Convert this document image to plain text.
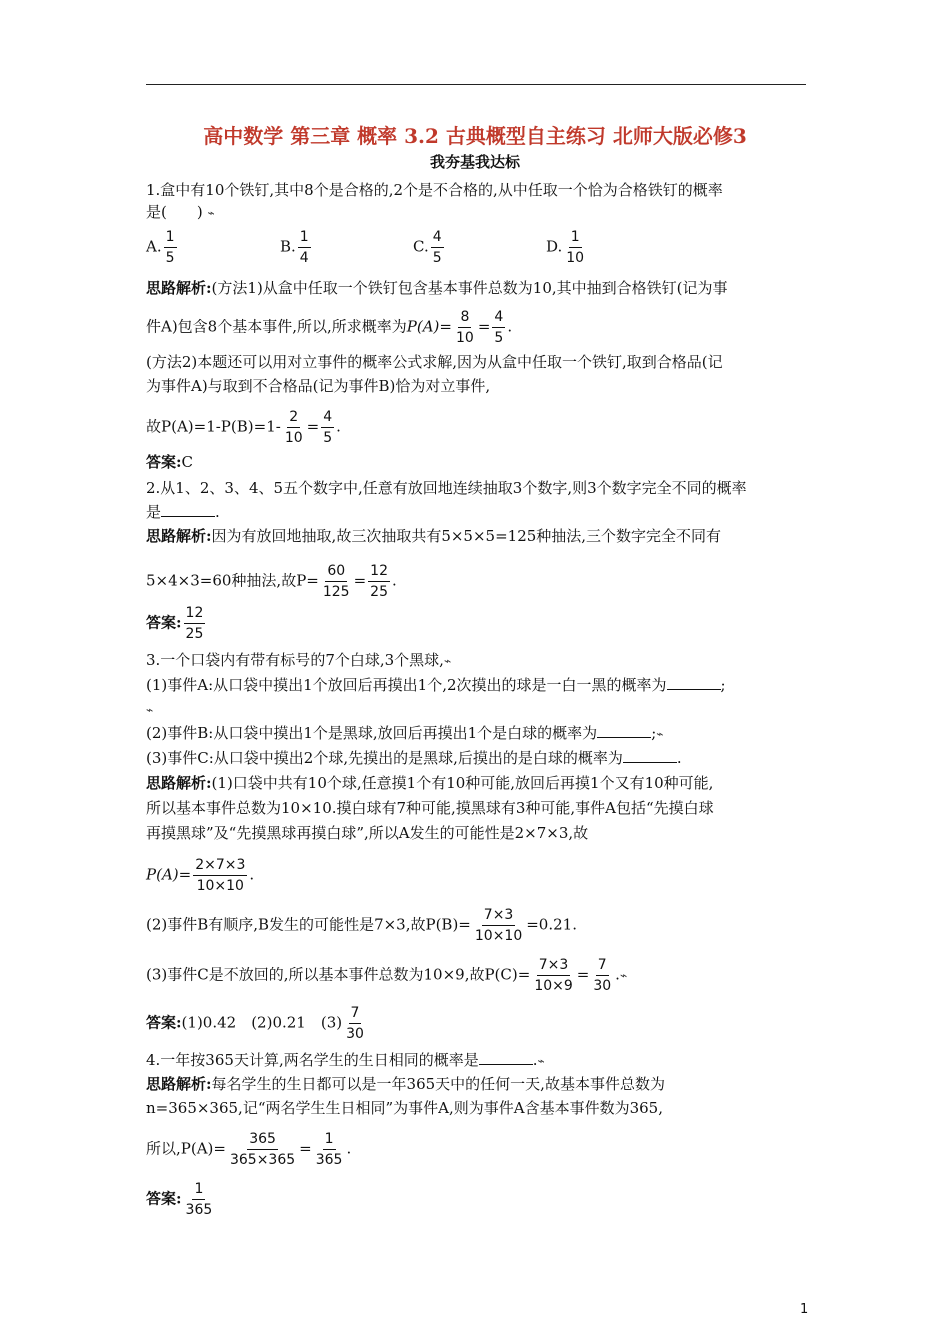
高中数学 第三章 概率 3.2 古典概型自主练习 北师大版必修3
我夯基我达标
1.盒中有10个铁钉,其中8个是合格的,2个是不合格的,从中任取一个恰为合格铁钉的概率
是(　　) ⌁
A. $\frac{1}{5}$	B. $\frac{1}{4}$	C. $\frac{4}{5}$	D. $\frac{1}{10}$
思路解析:(方法1)从盒中任取一个铁钉包含基本事件总数为10,其中抽到合格铁钉(记为事
件A)包含8个基本事件,所以,所求概率为$P(A)= \frac{8}{10} = \frac{4}{5}$ .
(方法2)本题还可以用对立事件的概率公式求解,因为从盒中任取一个铁钉,取到合格品(记
为事件A)与取到不合格品(记为事件B)恰为对立事件,
故$P(A)=1-P(B)=1- \frac{2}{10} = \frac{4}{5}$ .
答案:C
2.从1、2、3、4、5五个数字中,任意有放回地连续抽取3个数字,则3个数字完全不同的概率
是	.
思路解析:因为有放回地抽取,故三次抽取共有5×5×5=125种抽法,三个数字完全不同有
5×4×3=60种抽法,故$P= \frac{60}{125} = \frac{12}{25}$ .
答案: $\frac{12}{25}$
3.一个口袋内有带有标号的7个白球,3个黑球,⌁
(1)事件A:从口袋中摸出1个放回后再摸出1个,2次摸出的球是一白一黑的概率为	;
⌁
(2)事件B:从口袋中摸出1个是黑球,放回后再摸出1个是白球的概率为	;⌁
(3)事件C:从口袋中摸出2个球,先摸出的是黑球,后摸出的是白球的概率为	.
思路解析:(1)口袋中共有10个球,任意摸1个有10种可能,放回后再摸1个又有10种可能,
所以基本事件总数为10×10.摸白球有7种可能,摸黑球有3种可能,事件A包括“先摸白球
再摸黑球”及“先摸黑球再摸白球”,所以A发生的可能性是2×7×3,故
$P(A)= \frac{2\times 7\times 3}{10\times 10}$ .
(2)事件B有顺序,B发生的可能性是7×3,故$P(B)= \frac{7\times 3}{10\times 10} =0.21$.
(3)事件C是不放回的,所以基本事件总数为10×9,故$P(C)= \frac{7\times 3}{10\times 9} = \frac{7}{30}$ .⌁
答案:(1)0.42　(2)0.21　$(3) \frac{7}{30}$
4.一年按365天计算,两名学生的生日相同的概率是	.⌁
思路解析:每名学生的生日都可以是一年365天中的任何一天,故基本事件总数为
n=365×365,记“两名学生生日相同”为事件A,则为事件A含基本事件数为365,
所以$,P(A)= \frac{365}{365\times 365} = \frac{1}{365}$ .
答案: $\frac{1}{365}$
1
